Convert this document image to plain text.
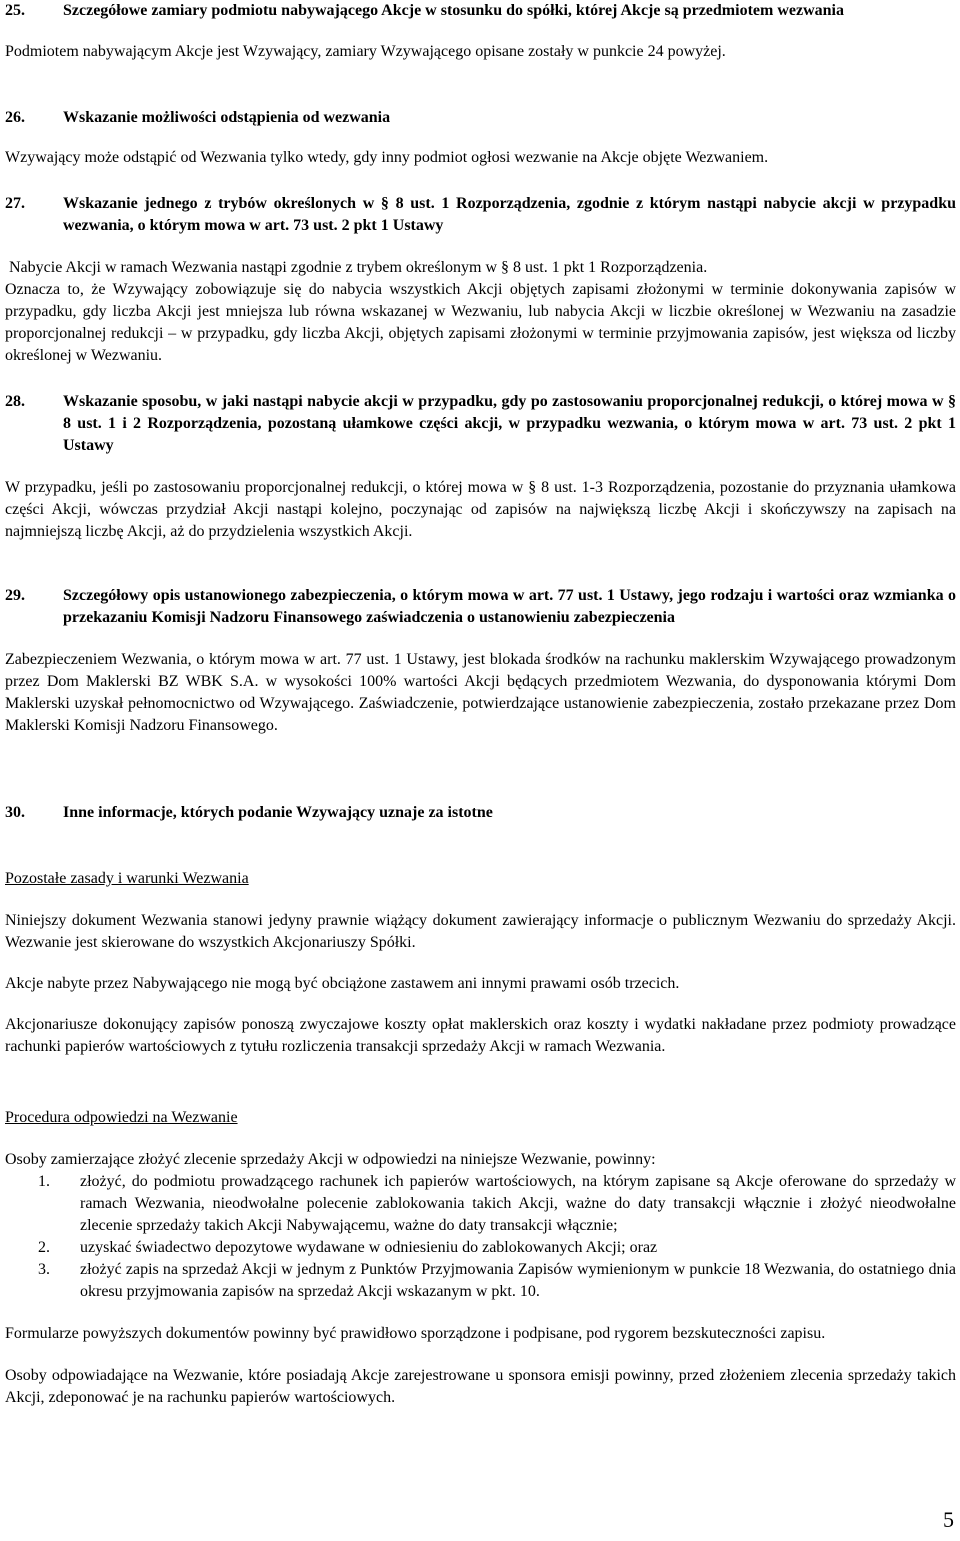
25.	Szczegółowe zamiary podmiotu nabywającego Akcje w stosunku do spółki, której Akcje są przedmiotem wezwania

Podmiotem nabywającym Akcje jest Wzywający, zamiary Wzywającego opisane zostały w punkcie 24 powyżej.

26.	Wskazanie możliwości odstąpienia od wezwania

Wzywający może odstąpić od Wezwania tylko wtedy, gdy inny podmiot ogłosi wezwanie na Akcje objęte Wezwaniem.

27.	Wskazanie jednego z trybów określonych w § 8 ust. 1 Rozporządzenia, zgodnie z którym nastąpi nabycie akcji w przypadku wezwania, o którym mowa w art. 73 ust. 2 pkt 1 Ustawy

Nabycie Akcji w ramach Wezwania nastąpi zgodnie z trybem określonym w § 8 ust. 1 pkt 1 Rozporządzenia.

Oznacza to, że Wzywający zobowiązuje się do nabycia wszystkich Akcji objętych zapisami złożonymi w terminie dokonywania zapisów w przypadku, gdy liczba Akcji jest mniejsza lub równa wskazanej w Wezwaniu, lub nabycia Akcji w liczbie określonej w Wezwaniu na zasadzie proporcjonalnej redukcji – w przypadku, gdy liczba Akcji, objętych zapisami złożonymi w terminie przyjmowania zapisów, jest większa od liczby określonej w Wezwaniu.

28.	Wskazanie sposobu, w jaki nastąpi nabycie akcji w przypadku, gdy po zastosowaniu proporcjonalnej redukcji, o której mowa w § 8 ust. 1 i 2 Rozporządzenia, pozostaną ułamkowe części akcji, w przypadku wezwania, o którym mowa w art. 73 ust. 2 pkt 1 Ustawy

W przypadku, jeśli po zastosowaniu proporcjonalnej redukcji, o której mowa w § 8 ust. 1-3 Rozporządzenia, pozostanie do przyznania ułamkowa części Akcji, wówczas przydział Akcji nastąpi kolejno, poczynając od zapisów na największą liczbę Akcji i skończywszy na zapisach na najmniejszą liczbę Akcji, aż do przydzielenia wszystkich Akcji.

29.	Szczegółowy opis ustanowionego zabezpieczenia, o którym mowa w art. 77 ust. 1 Ustawy, jego rodzaju i wartości oraz wzmianka o przekazaniu Komisji Nadzoru Finansowego zaświadczenia o ustanowieniu zabezpieczenia

Zabezpieczeniem Wezwania, o którym mowa w art. 77 ust. 1 Ustawy, jest blokada środków na rachunku maklerskim Wzywającego prowadzonym przez Dom Maklerski BZ WBK S.A. w wysokości 100% wartości Akcji będących przedmiotem Wezwania, do dysponowania którymi Dom Maklerski uzyskał pełnomocnictwo od Wzywającego. Zaświadczenie, potwierdzające ustanowienie zabezpieczenia, zostało przekazane przez Dom Maklerski Komisji Nadzoru Finansowego.

30.	Inne informacje, których podanie Wzywający uznaje za istotne

Pozostałe zasady i warunki Wezwania

Niniejszy dokument Wezwania stanowi jedyny prawnie wiążący dokument zawierający informacje o publicznym Wezwaniu do sprzedaży Akcji. Wezwanie jest skierowane do wszystkich Akcjonariuszy Spółki.

Akcje nabyte przez Nabywającego nie mogą być obciążone zastawem ani innymi prawami osób trzecich.

Akcjonariusze dokonujący zapisów ponoszą zwyczajowe koszty opłat maklerskich oraz koszty i wydatki nakładane przez podmioty prowadzące rachunki papierów wartościowych z tytułu rozliczenia transakcji sprzedaży Akcji w ramach Wezwania.

Procedura odpowiedzi na Wezwanie

Osoby zamierzające złożyć zlecenie sprzedaży Akcji w odpowiedzi na niniejsze Wezwanie, powinny:

1.	złożyć, do podmiotu prowadzącego rachunek ich papierów wartościowych, na którym zapisane są Akcje oferowane do sprzedaży w ramach Wezwania, nieodwołalne polecenie zablokowania takich Akcji, ważne do daty transakcji włącznie i złożyć nieodwołalne zlecenie sprzedaży takich Akcji Nabywającemu, ważne do daty transakcji włącznie;
2.	uzyskać świadectwo depozytowe wydawane w odniesieniu do zablokowanych Akcji; oraz
3.	złożyć zapis na sprzedaż Akcji w jednym z Punktów Przyjmowania Zapisów wymienionym w punkcie 18 Wezwania, do ostatniego dnia okresu przyjmowania zapisów na sprzedaż Akcji wskazanym w pkt. 10.

Formularze powyższych dokumentów powinny być prawidłowo sporządzone i podpisane, pod rygorem bezskuteczności zapisu.

Osoby odpowiadające na Wezwanie, które posiadają Akcje zarejestrowane u sponsora emisji powinny, przed złożeniem zlecenia sprzedaży takich Akcji, zdeponować je na rachunku papierów wartościowych.

5
